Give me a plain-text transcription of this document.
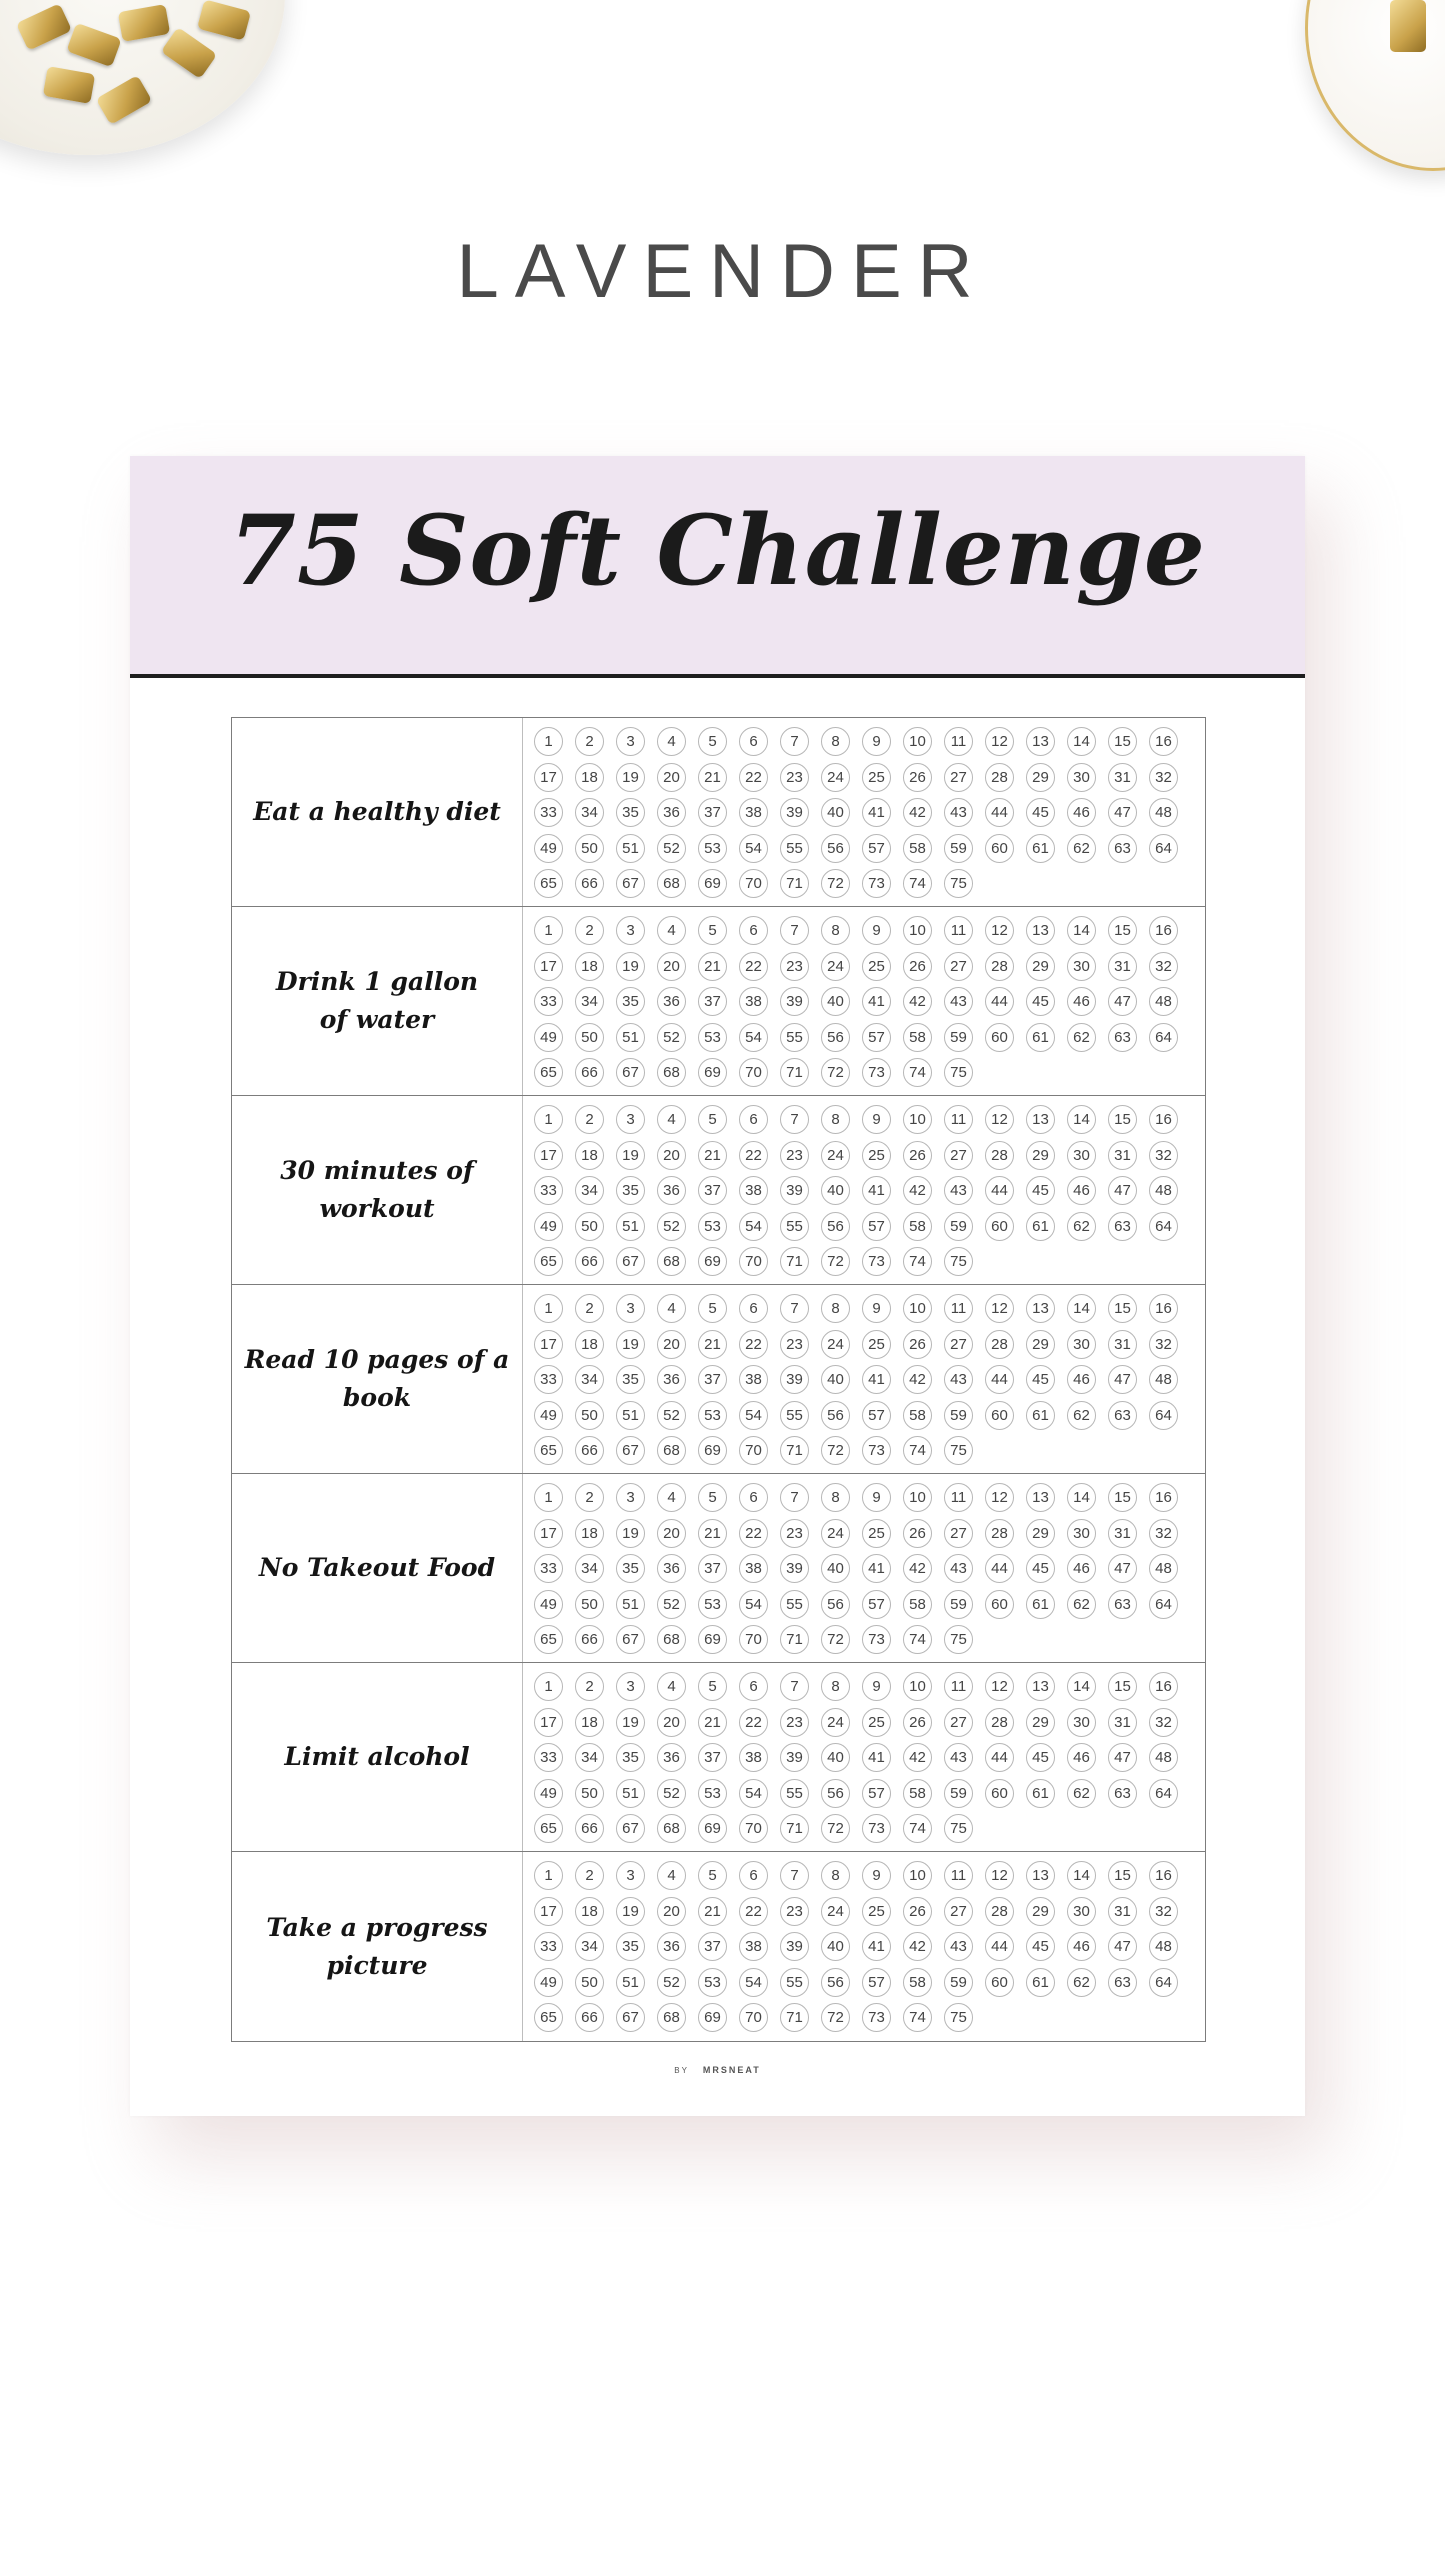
LAVENDER
75 Soft Challenge
Eat a healthy diet
1	2	3	4	5	6	7	8	9	10	11	12	13	14	15	16
17	18	19	20	21	22	23	24	25	26	27	28	29	30	31	32
33	34	35	36	37	38	39	40	41	42	43	44	45	46	47	48
49	50	51	52	53	54	55	56	57	58	59	60	61	62	63	64
65	66	67	68	69	70	71	72	73	74	75
Drink 1 gallon
of water
1	2	3	4	5	6	7	8	9	10	11	12	13	14	15	16
17	18	19	20	21	22	23	24	25	26	27	28	29	30	31	32
33	34	35	36	37	38	39	40	41	42	43	44	45	46	47	48
49	50	51	52	53	54	55	56	57	58	59	60	61	62	63	64
65	66	67	68	69	70	71	72	73	74	75
30 minutes of workout
1	2	3	4	5	6	7	8	9	10	11	12	13	14	15	16
17	18	19	20	21	22	23	24	25	26	27	28	29	30	31	32
33	34	35	36	37	38	39	40	41	42	43	44	45	46	47	48
49	50	51	52	53	54	55	56	57	58	59	60	61	62	63	64
65	66	67	68	69	70	71	72	73	74	75
Read 10 pages of a book
1	2	3	4	5	6	7	8	9	10	11	12	13	14	15	16
17	18	19	20	21	22	23	24	25	26	27	28	29	30	31	32
33	34	35	36	37	38	39	40	41	42	43	44	45	46	47	48
49	50	51	52	53	54	55	56	57	58	59	60	61	62	63	64
65	66	67	68	69	70	71	72	73	74	75
No Takeout Food
1	2	3	4	5	6	7	8	9	10	11	12	13	14	15	16
17	18	19	20	21	22	23	24	25	26	27	28	29	30	31	32
33	34	35	36	37	38	39	40	41	42	43	44	45	46	47	48
49	50	51	52	53	54	55	56	57	58	59	60	61	62	63	64
65	66	67	68	69	70	71	72	73	74	75
Limit alcohol
1	2	3	4	5	6	7	8	9	10	11	12	13	14	15	16
17	18	19	20	21	22	23	24	25	26	27	28	29	30	31	32
33	34	35	36	37	38	39	40	41	42	43	44	45	46	47	48
49	50	51	52	53	54	55	56	57	58	59	60	61	62	63	64
65	66	67	68	69	70	71	72	73	74	75
Take a progress picture
1	2	3	4	5	6	7	8	9	10	11	12	13	14	15	16
17	18	19	20	21	22	23	24	25	26	27	28	29	30	31	32
33	34	35	36	37	38	39	40	41	42	43	44	45	46	47	48
49	50	51	52	53	54	55	56	57	58	59	60	61	62	63	64
65	66	67	68	69	70	71	72	73	74	75
BY MRSNEAT
